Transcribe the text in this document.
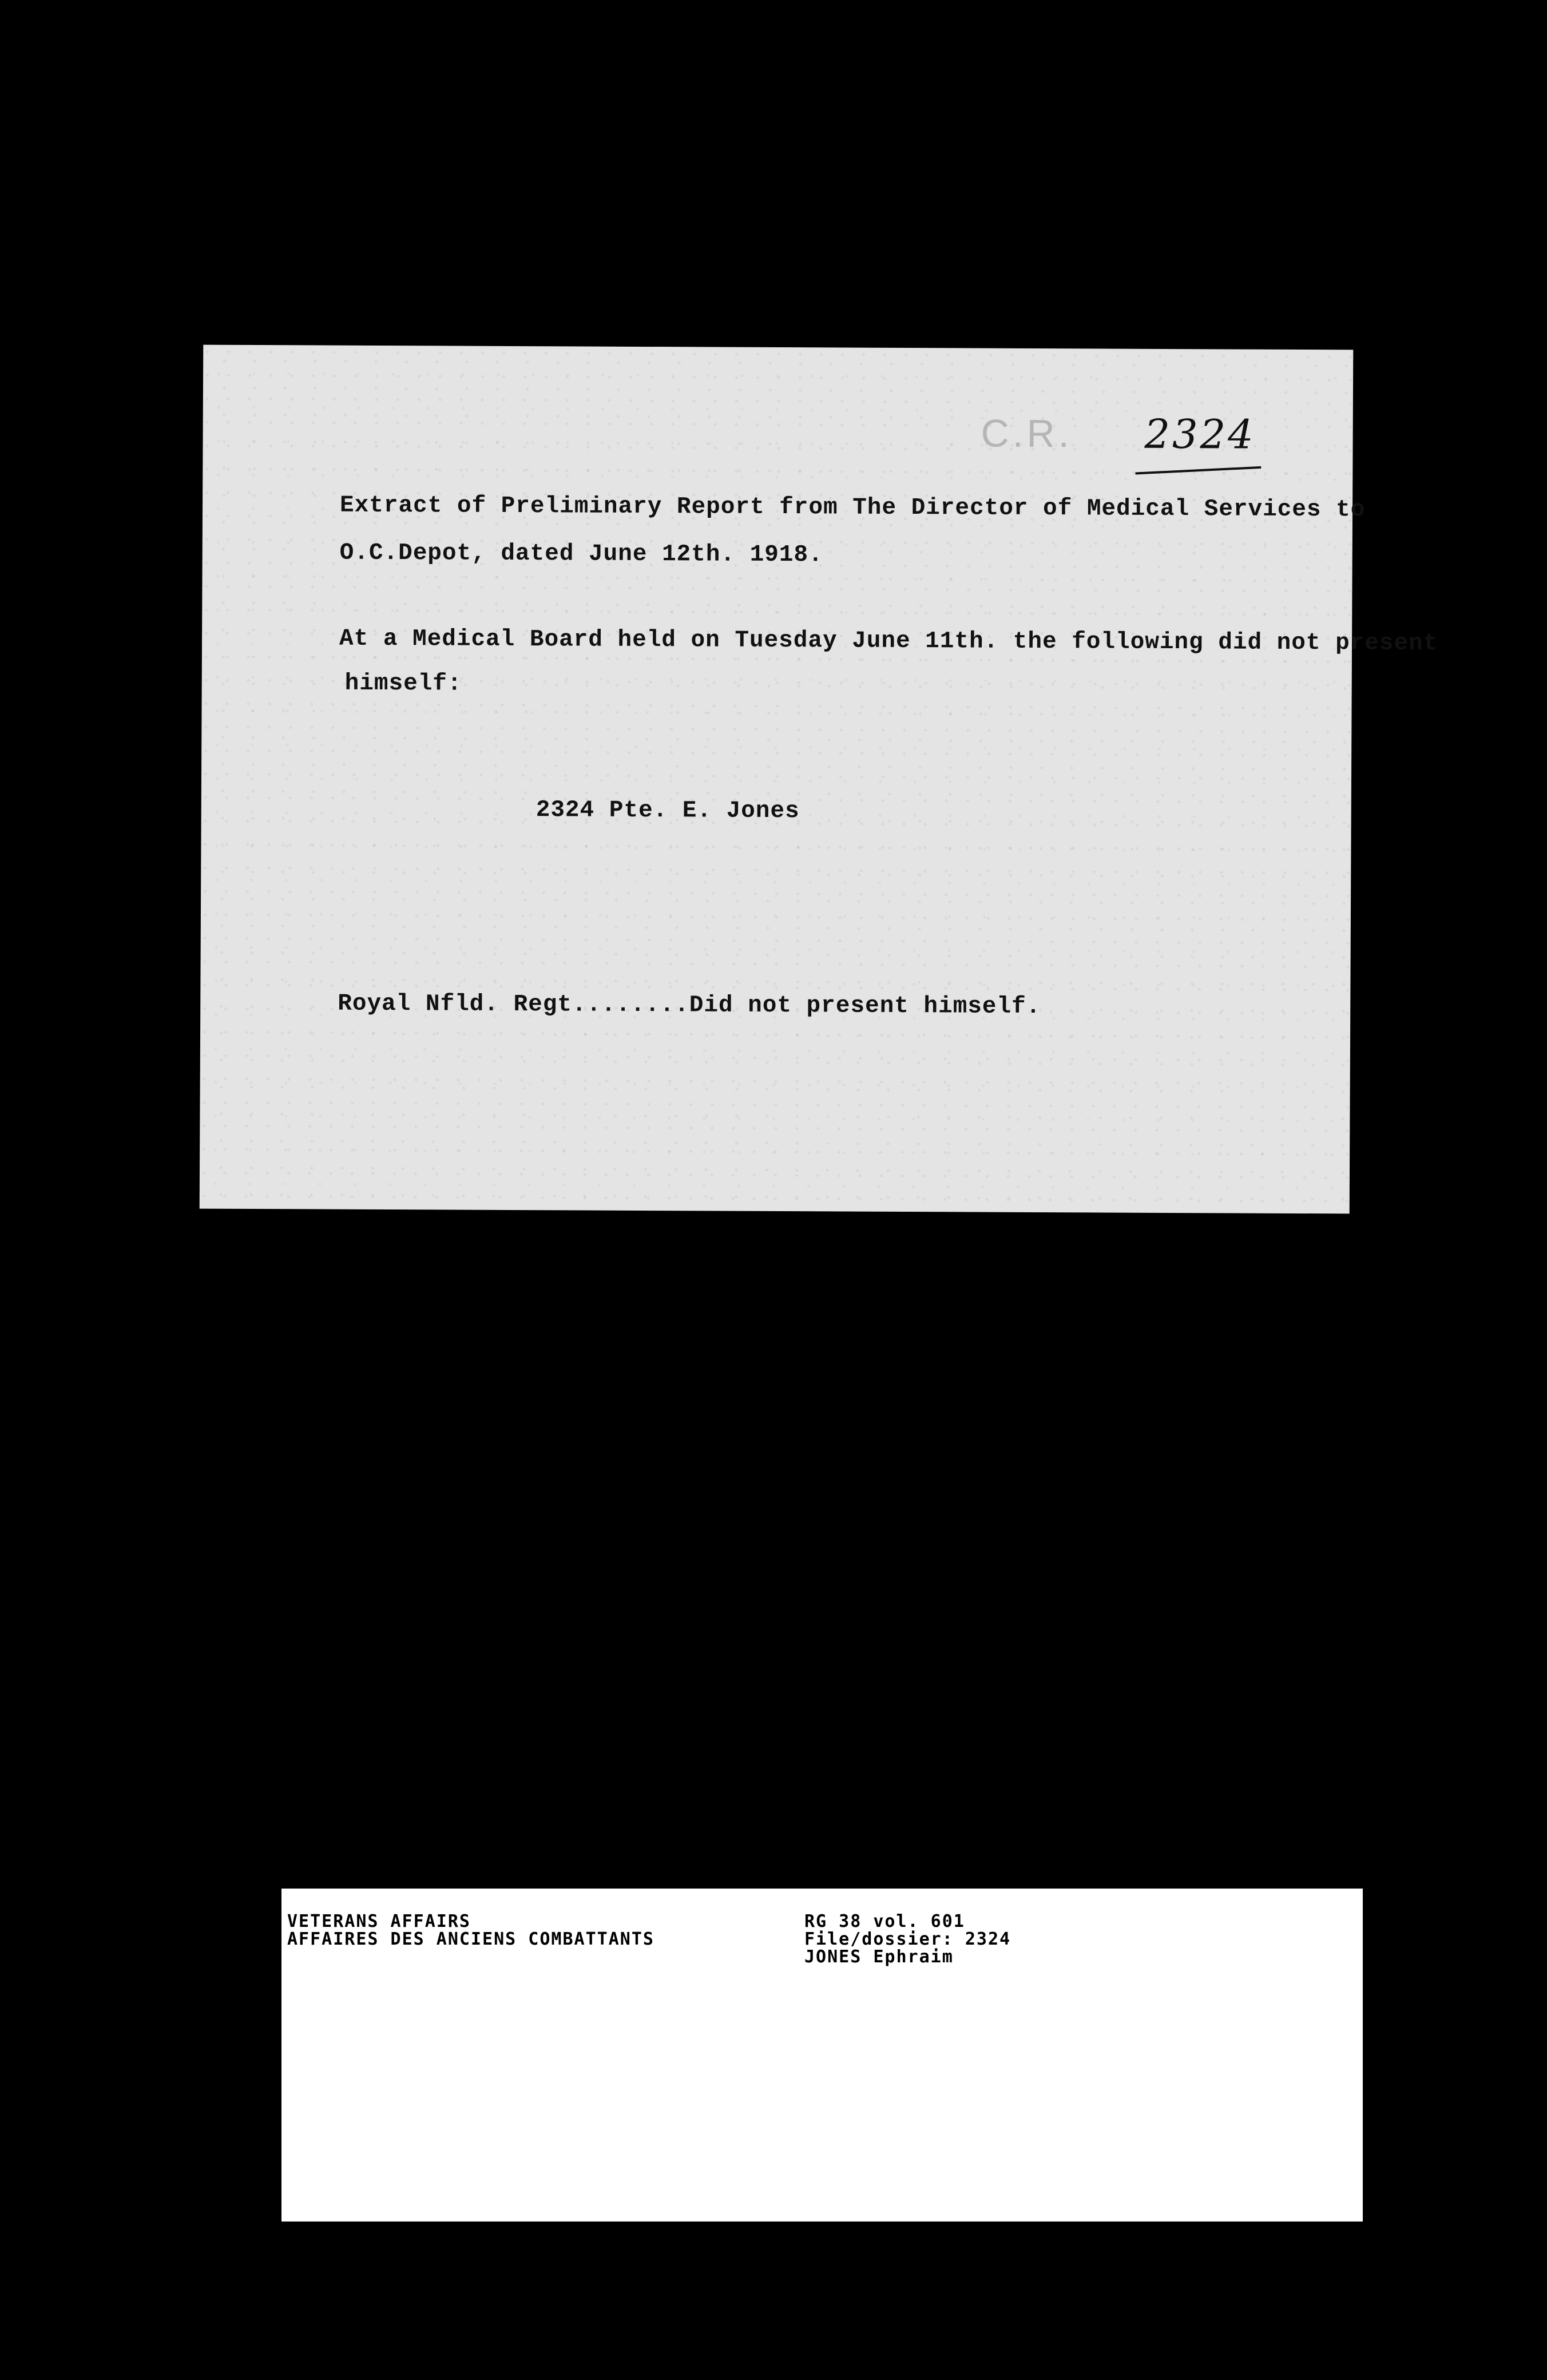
C.R. 2324
Extract of Preliminary Report from The Director of Medical Services to
O.C.Depot, dated June 12th. 1918.
At a Medical Board held on Tuesday June 11th. the following did not present
himself:
2324 Pte. E. Jones
Royal Nfld. Regt........Did not present himself.
VETERANS AFFAIRS
AFFAIRES DES ANCIENS COMBATTANTS
RG 38 vol. 601
File/dossier: 2324
JONES Ephraim
